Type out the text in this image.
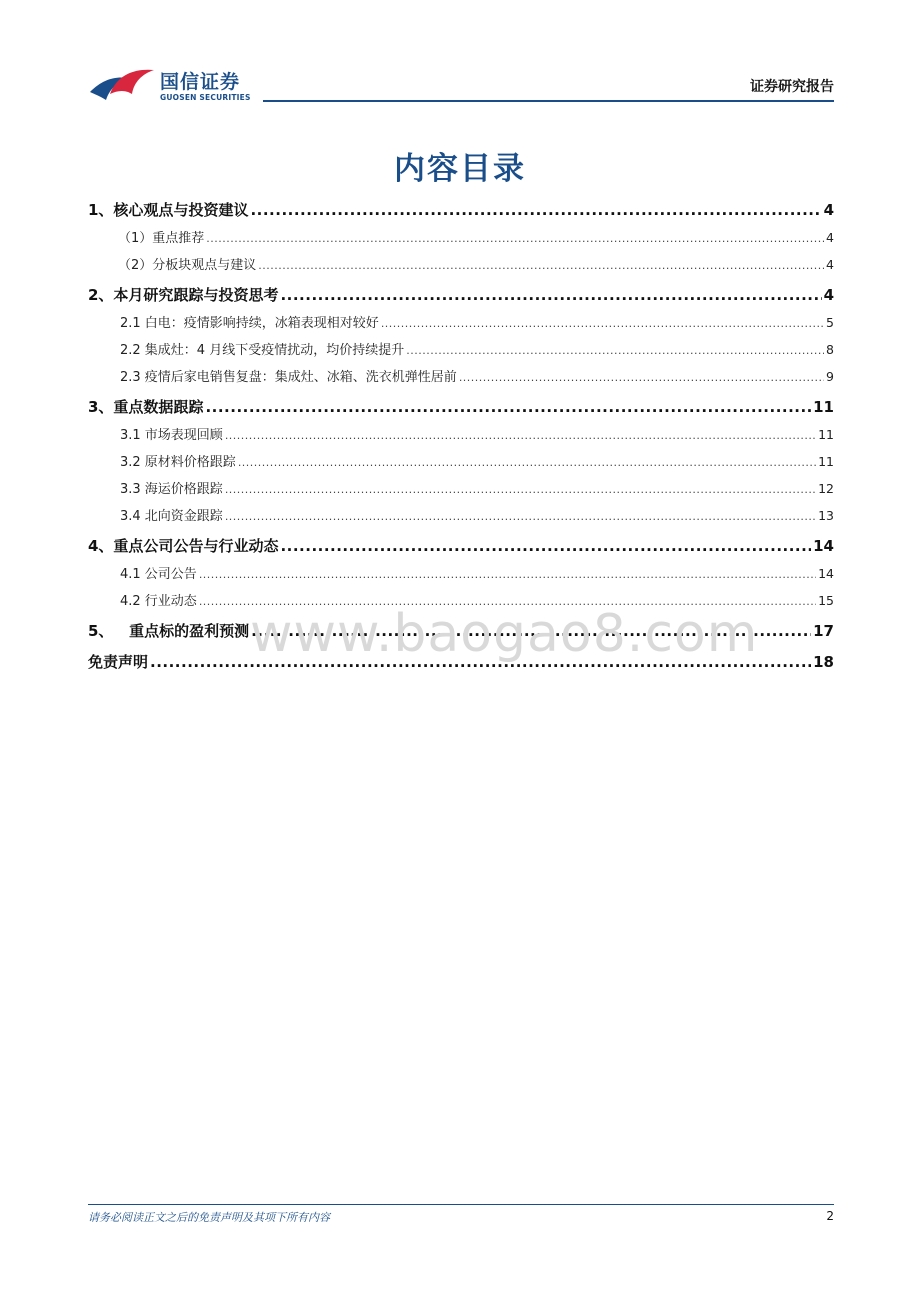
国信证券
GUOSEN SECURITIES
证券研究报告
内容目录
1、核心观点与投资建议 .....	4
（1）重点推荐 .....	4
（2）分板块观点与建议 .....	4
2、本月研究跟踪与投资思考 .....	4
2.1 白电：疫情影响持续，冰箱表现相对较好 .....	5
2.2 集成灶：4 月线下受疫情扰动，均价持续提升 .....	8
2.3 疫情后家电销售复盘：集成灶、冰箱、洗衣机弹性居前 .....	9
3、重点数据跟踪 .....	11
3.1 市场表现回顾 .....	11
3.2 原材料价格跟踪 .....	11
3.3 海运价格跟踪 .....	12
3.4 北向资金跟踪 .....	13
4、重点公司公告与行业动态 .....	14
4.1 公司公告 .....	14
4.2 行业动态 .....	15
5、   重点标的盈利预测 .....	17
免责声明 .....	18
www.baogao8.com
请务必阅读正文之后的免责声明及其项下所有内容	2
